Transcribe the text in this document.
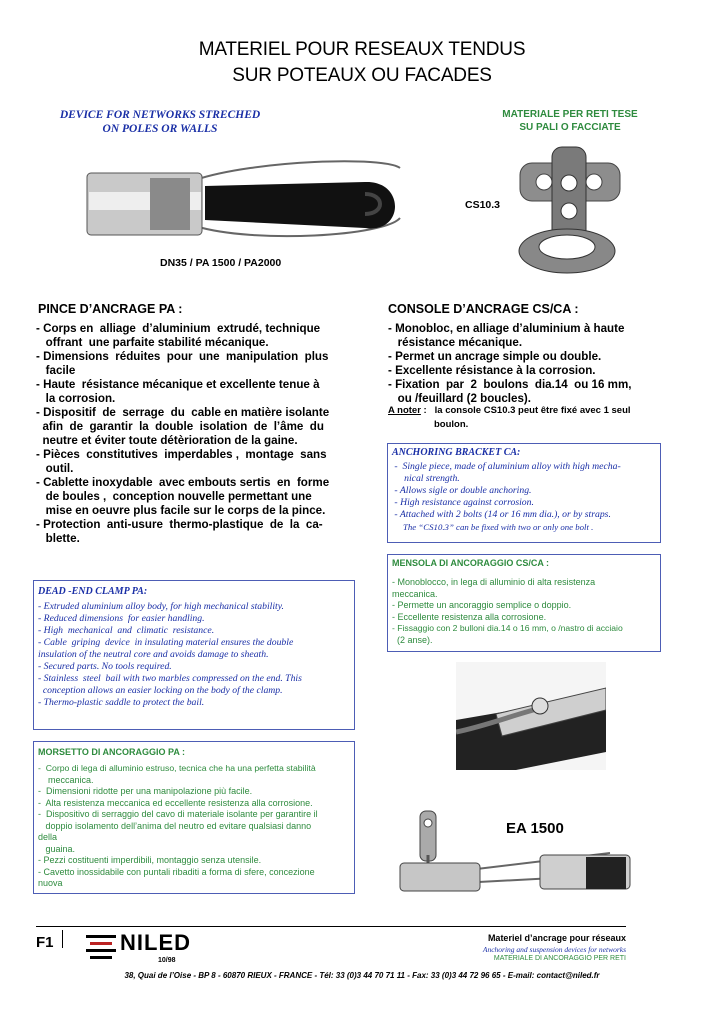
MATERIEL POUR RESEAUX TENDUS
SUR POTEAUX OU FACADES
DEVICE FOR NETWORKS STRECHED
ON POLES OR WALLS
MATERIALE PER RETI TESE
SU PALI O FACCIATE
DN35 / PA 1500 / PA2000
CS10.3
PINCE D’ANCRAGE PA :
- Corps en  alliage  d’aluminium  extrudé, technique
offrant  une parfaite stabilité mécanique.
- Dimensions  réduites  pour  une  manipulation  plus
facile
- Haute  résistance mécanique et excellente tenue à
la corrosion.
- Dispositif  de  serrage  du  cable en matière isolante
afin  de  garantir  la  double  isolation  de  l’âme  du
neutre et éviter toute détèrioration de la gaine.
- Pièces  constitutives  imperdables ,  montage  sans
outil.
- Cablette inoxydable  avec embouts sertis  en  forme
de boules ,  conception nouvelle permettant une
mise en oeuvre plus facile sur le corps de la pince.
- Protection  anti-usure  thermo-plastique  de  la  ca-
blette.
CONSOLE D’ANCRAGE CS/CA :
- Monobloc, en alliage d’aluminium à haute
résistance mécanique.
- Permet un ancrage simple ou double.
- Excellente résistance à la corrosion.
- Fixation  par  2  boulons  dia.14  ou 16 mm,
ou /feuillard (2 boucles).
A noter :   la console CS10.3 peut être fixé avec 1 seul
boulon.
ANCHORING BRACKET CA:
-  Single piece, made of aluminium alloy with high mecha-
nical strength.
- Allows sigle or double anchoring.
- High resistance against corrosion.
- Attached with 2 bolts (14 or 16 mm dia.), or by straps.
The “CS10.3” can be fixed with two or only one bolt .
MENSOLA DI ANCORAGGIO CS/CA :
- Monoblocco, in lega di alluminio di alta resistenza
meccanica.
- Permette un ancoraggio semplice o doppio.
- Eccellente resistenza alla corrosione.
- Fissaggio con 2 bulloni dia.14 o 16 mm, o /nastro di acciaio
(2 anse).
DEAD -END CLAMP PA:
- Extruded aluminium alloy body, for high mechanical stability.
- Reduced dimensions  for easier handling.
- High  mechanical  and  climatic  resistance.
- Cable  griping  device  in insulating material ensures the double
insulation of the neutral core and avoids damage to sheath.
- Secured parts. No tools required.
- Stainless  steel  bail with two marbles compressed on the end. This
conception allows an easier locking on the body of the clamp.
- Thermo-plastic saddle to protect the bail.
MORSETTO DI ANCORAGGIO PA :
-  Corpo di lega di alluminio estruso, tecnica che ha una perfetta stabilità
meccanica.
-  Dimensioni ridotte per una manipolazione più facile.
-  Alta resistenza meccanica ed eccellente resistenza alla corrosione.
-  Dispositivo di serraggio del cavo di materiale isolante per garantire il
doppio isolamento dell’anima del neutro ed evitare qualsiasi danno
della
guaina.
- Pezzi costituenti imperdibili, montaggio senza utensile.
- Cavetto inossidabile con puntali ribaditi a forma di sfere, concezione
nuova
EA 1500
F1	NILED
10/98
Materiel d’ancrage pour réseaux
Anchoring and suspension devices for networks
MATERIALE DI ANCORAGGIO PER RETI
38, Quai de l’Oise - BP 8 - 60870 RIEUX - FRANCE - Tél: 33 (0)3 44 70 71 11 - Fax: 33 (0)3 44 72 96 65 - E-mail: contact@niled.fr
